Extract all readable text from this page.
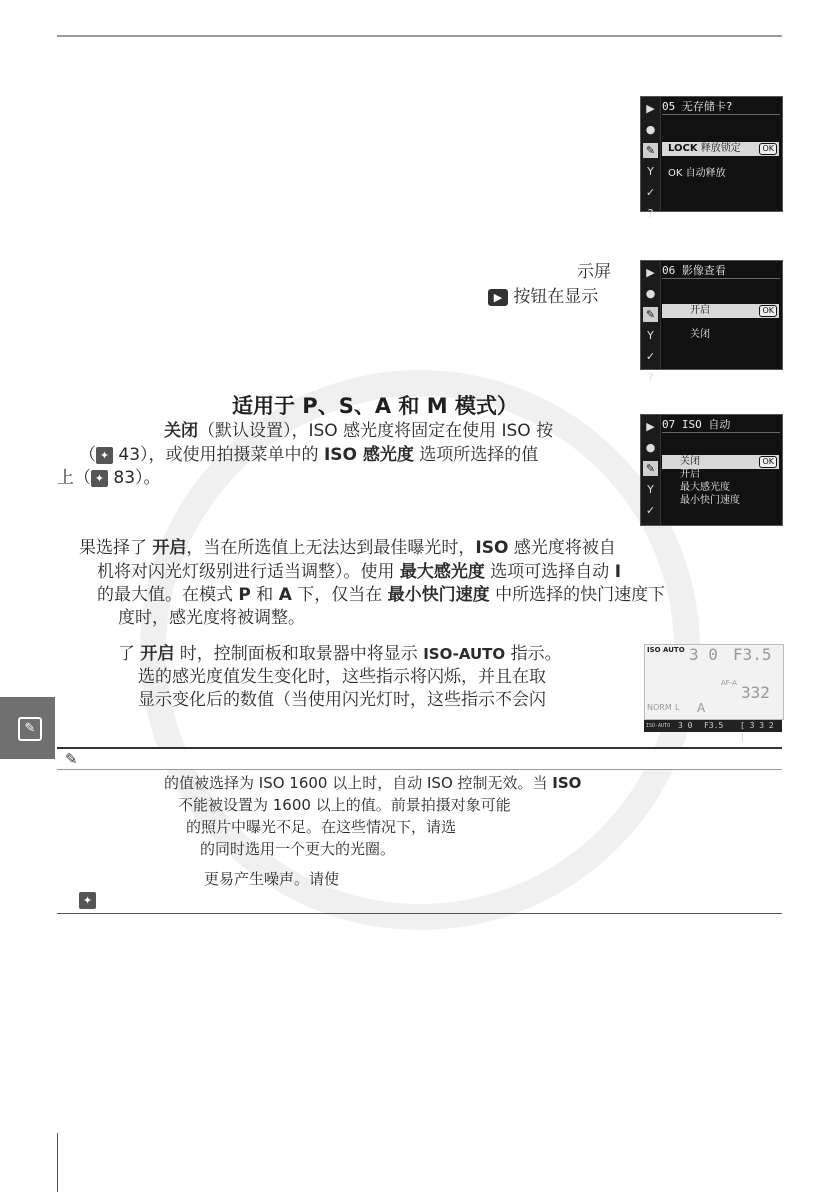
▶
●
✎
Y
✓
?
05 无存储卡?
LOCK 释放锁定	OK
OK 自动释放
示屏
▶ 按钮在显示
▶
●
✎
Y
✓
?
06 影像查看
开启	OK
关闭
适用于 P、S、A 和 M 模式）
关闭（默认设置），ISO 感光度将固定在使用 ISO 按
（ ✦ 43），或使用拍摄菜单中的 ISO 感光度 选项所选择的值
上（ ✦ 83）。
▶
●
✎
Y
✓
07 ISO 自动
关闭	OK
开启
最大感光度
最小快门速度
果选择了 开启，当在所选值上无法达到最佳曝光时，ISO 感光度将被自
机将对闪光灯级别进行适当调整）。使用 最大感光度 选项可选择自动 I
的最大值。在模式 P 和 A 下，仅当在 最小快门速度 中所选择的快门速度下
度时，感光度将被调整。
了 开启 时，控制面板和取景器中将显示 ISO-AUTO 指示。
选的感光度值发生变化时，这些指示将闪烁，并且在取
显示变化后的数值（当使用闪光灯时，这些指示不会闪
ISO AUTO 3 0 F3.5
AF-A 332
NORM L A
ISO-AUTO 3 0 F3.5 [ 3 3 2 ]
✎
✎
的值被选择为 ISO 1600 以上时，自动 ISO 控制无效。当 ISO
不能被设置为 1600 以上的值。前景拍摄对象可能
的照片中曝光不足。在这些情况下，请选
的同时选用一个更大的光圈。
更易产生噪声。请使
✦
